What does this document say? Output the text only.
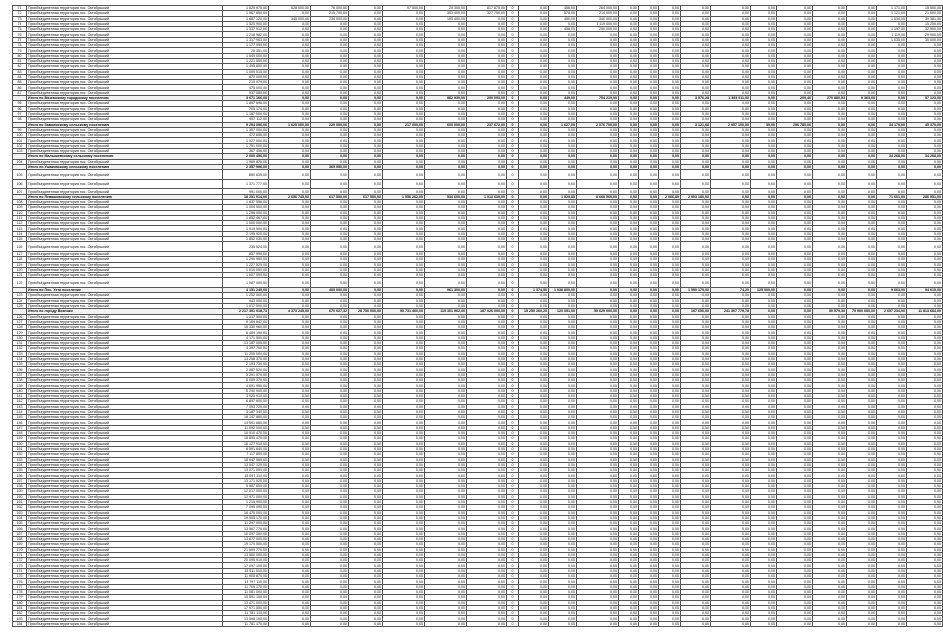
71	Приобъединенная территория пос. Октябрьский	1 829 975,00	528 000,00	76 000,00	0,00	97 500,00	20 300,00	817 675,00	0	0,00	456,00	264 000,00	0,00	0,00	0,00	0,00	0,00	0,00	0,00	0,00	0,00	1 171,00	15 500,00
72	Приобъединенная территория пос. Октябрьский	1 567 850,00	0,00	215 700,00	0,00	0,00	353 400,00	327 750,00	0	0,00	578,00	214 500,00	0,00	0,00	0,00	0,00	0,00	0,00	0,00	0,00	0,00	1 121,00	21 500,00
73	Приобъединенная территория пос. Октябрьский	1 687 120,00	345 000,00	234 000,00	0,00	0,00	190 400,00	0,00	0	0,00	450,00	340 000,00	0,00	0,00	0,00	0,00	0,00	0,00	0,00	0,00	0,00	1 034,00	39 381,00
74	Приобъединенная территория пос. Октябрьский	1 520 900,00	0,00	0,00	0,00	0,00	0,00	0,00	0	0,00	0,00	1 119 000,00	0,00	0,00	0,00	0,00	0,00	0,00	0,00	0,00	0,00	0,00	15 200,00
75	Приобъединенная территория пос. Октябрьский	1 337 912,00	0,00	0,00	0,00	0,00	0,00	0,00	0	0,00	456,00	290 000,00	0,00	0,00	0,00	0,00	0,00	0,00	0,00	0,00	0,00	1 197,00	32 500,00
76	Приобъединенная территория пос. Октябрьский	1 218 982,00	0,00	0,00	0,00	0,00	0,00	0,00	0	0,00	0,00	0,00	0,00	0,00	0,00	0,00	0,00	0,00	0,00	0,00	0,00	1 119,00	29 900,00
77	Приобъединенная территория пос. Октябрьский	1 317 963,00	0,00	0,00	0,00	0,00	0,00	0,00	0	0,00	0,00	0,00	0,00	0,00	0,00	0,00	0,00	0,00	0,00	0,00	0,00	1 035,00	30 000,00
78	Приобъединенная территория пос. Октябрьский	1 177 950,00	0,00	0,00	0,00	0,00	0,00	0,00	0	0,00	0,00	0,00	0,00	0,00	0,00	0,00	0,00	0,00	0,00	0,00	0,00	0,00	0,00
79	Приобъединенная территория пос. Октябрьский	20 351,00	0,00	0,00	0,00	0,00	0,00	0,00	0	0,00	0,00	0,00	0,00	0,00	0,00	0,00	0,00	0,00	0,00	0,00	0,00	0,00	0,00
80	Приобъединенная территория пос. Октябрьский	1 649 000,00	0,00	0,00	0,00	0,00	0,00	0,00	0	0,00	0,00	0,00	0,00	0,00	0,00	0,00	0,00	0,00	0,00	0,00	0,00	0,00	0,00
81	Приобъединенная территория пос. Октябрьский	1 221 550,00	0,00	0,00	0,00	0,00	0,00	0,00	0	0,00	0,00	0,00	0,00	0,00	0,00	0,00	0,00	0,00	0,00	0,00	0,00	0,00	0,00
82	Приобъединенная территория пос. Октябрьский	1 495 800,00	0,00	0,00	0,00	0,00	0,00	0,00	0	0,00	0,00	0,00	0,00	0,00	0,00	0,00	0,00	0,00	0,00	0,00	0,00	0,00	0,00
83	Приобъединенная территория пос. Октябрьский	1 009 515,00	0,00	0,00	0,00	0,00	0,00	0,00	0	0,00	0,00	0,00	0,00	0,00	0,00	0,00	0,00	0,00	0,00	0,00	0,00	0,00	0,00
84	Приобъединенная территория пос. Октябрьский	870 000,00	0,00	0,00	0,00	0,00	0,00	0,00	0	0,00	0,00	0,00	0,00	0,00	0,00	0,00	0,00	0,00	0,00	0,00	0,00	0,00	0,00
85	Приобъединенная территория пос. Октябрьский	215 079,00	0,00	0,00	0,00	0,00	0,00	0,00	0	0,00	0,00	0,00	0,00	0,00	0,00	0,00	0,00	0,00	0,00	0,00	0,00	0,00	0,00
86	Приобъединенная территория пос. Октябрьский	475 000,00	0,00	0,00	0,00	0,00	0,00	0,00	0	0,00	0,00	0,00	0,00	0,00	0,00	0,00	0,00	0,00	0,00	0,00	0,00	0,00	0,00
87	Приобъединенная территория пос. Октябрьский	937 080,00	0,00	0,00	0,00	0,00	0,00	0,00	0	0,00	0,00	0,00	0,00	0,00	0,00	0,00	0,00	0,00	0,00	0,00	0,00	0,00	0,00
	Итого по Вяземскому городскому поселению	3 671 166,00	0,00	0,00	0,00	0,00	882 939,00	200 093,00	0	0,00	449,00	754 219,00	0,00	0,00	0,00	3 576,28	1 393 011,00	0,00	209,40	270 880,93	9 363,00	0,00	57 123,00
95	Приобъединенная территория пос. Октябрьский	1 857 698,00	0,00	0,00	0,00	0,00	0,00	0,00	0	0,00	0,00	0,00	0,00	0,00	0,00	0,00	0,00	0,00	0,00	0,00	0,00	0,00	0,00
96	Приобъединенная территория пос. Октябрьский	705 174,00	0,00	0,00	0,00	0,00	0,00	0,00	0	0,00	0,00	0,00	0,00	0,00	0,00	0,00	0,00	0,00	0,00	0,00	0,00	0,00	0,00
97	Приобъединенная территория пос. Октябрьский	1 187 500,00	0,00	0,00	0,00	0,00	0,00	0,00	0	0,00	0,00	0,00	0,00	0,00	0,00	0,00	0,00	0,00	0,00	0,00	0,00	0,00	0,00
98	Приобъединенная территория пос. Октябрьский	957 112,00	0,00	0,00	0,00	0,00	0,00	0,00	0	0,00	0,00	0,00	0,00	0,00	0,00	0,00	0,00	0,00	0,00	0,00	0,00	0,00	0,00
	Итого по Заволжскому сельскому поселению	9 294 096,00	1 625 000,00	220 000,00	0,00	217 000,00	600 000,00	237 672,00	0	0,00	1 627,00	2 076 700,00	0,00	0,00	0,00	3 121,68	2 957 100,00	39,90	296 780,00	0,00	0,00	34 179,00	45 370,00
99	Приобъединенная территория пос. Октябрьский	1 357 000,00	0,00	0,00	0,00	0,00	0,00	0,00	0	0,00	0,00	0,00	0,00	0,00	0,00	0,00	0,00	0,00	0,00	0,00	0,00	0,00	0,00
100	Приобъединенная территория пос. Октябрьский	472 656,00	0,00	0,00	0,00	0,00	0,00	0,00	0	0,00	0,00	0,00	0,00	0,00	0,00	0,00	0,00	0,00	0,00	0,00	0,00	0,00	0,00
101	Приобъединенная территория пос. Октябрьский	1 027 000,00	0,00	0,00	0,00	0,00	0,00	0,00	0	0,00	0,00	0,00	0,00	0,00	0,00	0,00	0,00	0,00	0,00	0,00	0,00	0,00	0,00
102	Приобъединенная территория пос. Октябрьский	1 751 000,00	0,00	0,00	0,00	0,00	0,00	0,00	0	0,00	0,00	0,00	0,00	0,00	0,00	0,00	0,00	0,00	0,00	0,00	0,00	0,00	0,00
103	Приобъединенная территория пос. Октябрьский	367 456,00	0,00	0,00	0,00	0,00	0,00	0,00	0	0,00	0,00	0,00	0,00	0,00	0,00	0,00	0,00	0,00	0,00	0,00	0,00	0,00	0,00
	Итого по Малышевскому сельскому поселению	2 000 456,00	0,00	0,00	0,00	0,00	0,00	0,00	0	0,00	0,00	0,00	0,00	0,00	0,00	0,00	0,00	0,00	0,00	0,00	0,00	34 268,00	34 268,00
104	Приобъединенная территория пос. Октябрьский	1 969 870,00	0,00	0,00	0,00	0,00	0,00	0,00	0	0,00	0,00	0,00	0,00	0,00	0,00	0,00	0,00	0,00	0,00	0,00	0,00	0,00	0,00
	Итого по Ушаковскому сельскому поселению	2 357 996,00	0,00	365 950,00	0,00	0,00	0,00	0,00	0	0,00	0,00	0,00	0,00	0,00	0,00	0,00	0,00	0,00	0,00	0,00	0,00	0,00	0,00
105	Приобъединенная территория пос. Октябрьский	850 635,00	0,00	0,00	0,00	0,00	0,00	0,00	0	0,00	0,00	0,00	0,00	0,00	0,00	0,00	0,00	0,00	0,00	0,00	0,00	0,00	0,00
106	Приобъединенная территория пос. Октябрьский	1 371 777,00	0,00	0,00	0,00	0,00	0,00	0,00	0	0,00	0,00	0,00	0,00	0,00	0,00	0,00	0,00	0,00	0,00	0,00	0,00	0,00	0,00
107	Приобъединенная территория пос. Октябрьский	991 000,00	0,00	0,00	0,00	0,00	0,00	0,00	0	0,00	0,00	0,00	0,00	0,00	0,00	0,00	0,00	0,00	0,00	0,00	0,00	0,00	0,00
	Итого по Левашовскому сельскому поселению	18 251 914,00	2 656 745,00	617 500,00	617 500,00	1 556 262,00	534 600,00	1 013 639,00	0	0,00	1 529,85	8 668 569,00	0,00	0,00	2 066,89	2 903 180,00	0,00	0,00	0,00	0,00	0,00	71 601,00	286 951,00
108	Приобъединенная территория пос. Октябрьский	1 637 556,00	0,00	0,00	0,00	0,00	0,00	0,00	0	0,00	0,00	0,00	0,00	0,00	0,00	0,00	0,00	0,00	0,00	0,00	0,00	0,00	0,00
109	Приобъединенная территория пос. Октябрьский	1 004 500,00	0,00	0,00	0,00	0,00	0,00	0,00	0	0,00	0,00	0,00	0,00	0,00	0,00	0,00	0,00	0,00	0,00	0,00	0,00	0,00	0,00
110	Приобъединенная территория пос. Октябрьский	1 296 000,00	0,00	0,00	0,00	0,00	0,00	0,00	0	0,00	0,00	0,00	0,00	0,00	0,00	0,00	0,00	0,00	0,00	0,00	0,00	0,00	0,00
111	Приобъединенная территория пос. Октябрьский	1 852 467,00	0,00	0,00	0,00	0,00	0,00	0,00	0	0,00	0,00	0,00	0,00	0,00	0,00	0,00	0,00	0,00	0,00	0,00	0,00	0,00	0,00
112	Приобъединенная территория пос. Октябрьский	1 000 000,00	0,00	0,00	0,00	0,00	0,00	0,00	0	0,00	0,00	0,00	0,00	0,00	0,00	0,00	0,00	0,00	0,00	0,00	0,00	0,00	0,00
113	Приобъединенная территория пос. Октябрьский	1 919 500,00	0,00	0,00	0,00	0,00	0,00	0,00	0	0,00	0,00	0,00	0,00	0,00	0,00	0,00	0,00	0,00	0,00	0,00	0,00	0,00	0,00
114	Приобъединенная территория пос. Октябрьский	2 195 920,00	0,00	0,00	0,00	0,00	0,00	0,00	0	0,00	0,00	0,00	0,00	0,00	0,00	0,00	0,00	0,00	0,00	0,00	0,00	0,00	0,00
115	Приобъединенная территория пос. Октябрьский	1 852 030,00	0,00	0,00	0,00	0,00	0,00	0,00	0	0,00	0,00	0,00	0,00	0,00	0,00	0,00	0,00	0,00	0,00	0,00	0,00	0,00	0,00
116	Приобъединенная территория пос. Октябрьский	235 524,00	0,00	0,00	0,00	0,00	0,00	0,00	0	0,00	0,00	0,00	0,00	0,00	0,00	0,00	0,00	0,00	0,00	0,00	0,00	0,00	0,00
117	Приобъединенная территория пос. Октябрьский	857 990,00	0,00	0,00	0,00	0,00	0,00	0,00	0	0,00	0,00	0,00	0,00	0,00	0,00	0,00	0,00	0,00	0,00	0,00	0,00	0,00	0,00
118	Приобъединенная территория пос. Октябрьский	1 290 950,00	0,00	0,00	0,00	0,00	0,00	0,00	0	0,00	0,00	0,00	0,00	0,00	0,00	0,00	0,00	0,00	0,00	0,00	0,00	0,00	0,00
119	Приобъединенная территория пос. Октябрьский	1 227 525,00	0,00	0,00	0,00	0,00	0,00	0,00	0	0,00	0,00	0,00	0,00	0,00	0,00	0,00	0,00	0,00	0,00	0,00	0,00	0,00	0,00
120	Приобъединенная территория пос. Октябрьский	1 010 000,00	0,00	0,00	0,00	0,00	0,00	0,00	0	0,00	0,00	0,00	0,00	0,00	0,00	0,00	0,00	0,00	0,00	0,00	0,00	0,00	0,00
121	Приобъединенная территория пос. Октябрьский	1 007 090,00	0,00	0,00	0,00	0,00	0,00	0,00	0	0,00	0,00	0,00	0,00	0,00	0,00	0,00	0,00	0,00	0,00	0,00	0,00	0,00	0,00
122	Приобъединенная территория пос. Октябрьский	1 087 000,00	0,00	0,00	0,00	0,00	0,00	0,00	0	0,00	0,00	0,00	0,00	0,00	0,00	0,00	0,00	0,00	0,00	0,00	0,00	0,00	0,00
	Итого по Пос. Ухта поселение	4 151 245,00	0,00	400 000,00	0,00	0,00	961 300,00	0,00	0	1 374,50	1 038 800,00	0,00	0,00	0,00	0,00	1 590 175,00	74,20	125 000,00	0,00	0,00	0,00	9 663,00	94 615,00
123	Приобъединенная территория пос. Октябрьский	1 252 500,00	0,00	0,00	0,00	0,00	0,00	0,00	0	0,00	0,00	0,00	0,00	0,00	0,00	0,00	0,00	0,00	0,00	0,00	0,00	0,00	0,00
124	Приобъединенная территория пос. Октябрьский	943 000,00	0,00	0,00	0,00	0,00	0,00	0,00	0	0,00	0,00	0,00	0,00	0,00	0,00	0,00	0,00	0,00	0,00	0,00	0,00	0,00	0,00
125	Приобъединенная территория пос. Октябрьский	1 017 500,00	0,00	0,00	0,00	0,00	0,00	0,00	0	0,00	0,00	0,00	0,00	0,00	0,00	0,00	0,00	0,00	0,00	0,00	0,00	0,00	0,00
	Итого по городу Вязники	2 217 391 018,73	4 373 245,00	670 027,32	28 750 000,00	95 731 460,00	115 301 962,00	187 026 000,00	0	15 250 260,25	120 051,00	55 629 000,00	0,00	0,00	0,00	167 650,00	241 307 779,78	0,00	0,00	50 579,30	79 900 000,00	2 657 234,00	11 813 684,00
126	Приобъединенная территория пос. Октябрьский	1 317 500,00	0,00	0,00	0,00	0,00	0,00	0,00	0	0,00	0,00	0,00	0,00	0,00	0,00	0,00	0,00	0,00	0,00	0,00	0,00	0,00	0,00
127	Приобъединенная территория пос. Октябрьский	9 169 842,00	0,00	0,00	0,00	0,00	0,00	0,00	0	0,00	0,00	0,00	0,00	0,00	0,00	0,00	0,00	0,00	0,00	0,00	0,00	0,00	0,00
128	Приобъединенная территория пос. Октябрьский	15 330 960,00	0,00	0,00	0,00	0,00	0,00	0,00	0	0,00	0,00	0,00	0,00	0,00	0,00	0,00	0,00	0,00	0,00	0,00	0,00	0,00	0,00
129	Приобъединенная территория пос. Октябрьский	6 409 190,00	0,00	0,00	0,00	0,00	0,00	0,00	0	0,00	0,00	0,00	0,00	0,00	0,00	0,00	0,00	0,00	0,00	0,00	0,00	0,00	0,00
130	Приобъединенная территория пос. Октябрьский	4 171 500,00	0,00	0,00	0,00	0,00	0,00	0,00	0	0,00	0,00	0,00	0,00	0,00	0,00	0,00	0,00	0,00	0,00	0,00	0,00	0,00	0,00
131	Приобъединенная территория пос. Октябрьский	13 187 005,00	0,00	0,00	0,00	0,00	0,00	0,00	0	0,00	0,00	0,00	0,00	0,00	0,00	0,00	0,00	0,00	0,00	0,00	0,00	0,00	0,00
132	Приобъединенная территория пос. Октябрьский	4 397 700,00	0,00	0,00	0,00	0,00	0,00	0,00	0	0,00	0,00	0,00	0,00	0,00	0,00	0,00	0,00	0,00	0,00	0,00	0,00	0,00	0,00
133	Приобъединенная территория пос. Октябрьский	11 205 000,00	0,00	0,00	0,00	0,00	0,00	0,00	0	0,00	0,00	0,00	0,00	0,00	0,00	0,00	0,00	0,00	0,00	0,00	0,00	0,00	0,00
134	Приобъединенная территория пос. Октябрьский	13 258 370,00	0,00	0,00	0,00	0,00	0,00	0,00	0	0,00	0,00	0,00	0,00	0,00	0,00	0,00	0,00	0,00	0,00	0,00	0,00	0,00	0,00
135	Приобъединенная территория пос. Октябрьский	2 193 730,00	0,00	0,00	0,00	0,00	0,00	0,00	0	0,00	0,00	0,00	0,00	0,00	0,00	0,00	0,00	0,00	0,00	0,00	0,00	0,00	0,00
136	Приобъединенная территория пос. Октябрьский	2 587 520,00	0,00	0,00	0,00	0,00	0,00	0,00	0	0,00	0,00	0,00	0,00	0,00	0,00	0,00	0,00	0,00	0,00	0,00	0,00	0,00	0,00
137	Приобъединенная территория пос. Октябрьский	5 291 570,00	0,00	0,00	0,00	0,00	0,00	0,00	0	0,00	0,00	0,00	0,00	0,00	0,00	0,00	0,00	0,00	0,00	0,00	0,00	0,00	0,00
138	Приобъединенная территория пос. Октябрьский	5 009 370,00	0,00	0,00	0,00	0,00	0,00	0,00	0	0,00	0,00	0,00	0,00	0,00	0,00	0,00	0,00	0,00	0,00	0,00	0,00	0,00	0,00
139	Приобъединенная территория пос. Октябрьский	4 091 950,00	0,00	0,00	0,00	0,00	0,00	0,00	0	0,00	0,00	0,00	0,00	0,00	0,00	0,00	0,00	0,00	0,00	0,00	0,00	0,00	0,00
140	Приобъединенная территория пос. Октябрьский	5 290 900,00	0,00	0,00	0,00	0,00	0,00	0,00	0	0,00	0,00	0,00	0,00	0,00	0,00	0,00	0,00	0,00	0,00	0,00	0,00	0,00	0,00
141	Приобъединенная территория пос. Октябрьский	3 925 910,00	0,00	0,00	0,00	0,00	0,00	0,00	0	0,00	0,00	0,00	0,00	0,00	0,00	0,00	0,00	0,00	0,00	0,00	0,00	0,00	0,00
142	Приобъединенная территория пос. Октябрьский	6 897 600,00	0,00	0,00	0,00	0,00	0,00	0,00	0	0,00	0,00	0,00	0,00	0,00	0,00	0,00	0,00	0,00	0,00	0,00	0,00	0,00	0,00
143	Приобъединенная территория пос. Октябрьский	7 093 720,00	0,00	0,00	0,00	0,00	0,00	0,00	0	0,00	0,00	0,00	0,00	0,00	0,00	0,00	0,00	0,00	0,00	0,00	0,00	0,00	0,00
144	Приобъединенная территория пос. Октябрьский	3 187 340,00	0,00	0,00	0,00	0,00	0,00	0,00	0	0,00	0,00	0,00	0,00	0,00	0,00	0,00	0,00	0,00	0,00	0,00	0,00	0,00	0,00
145	Приобъединенная территория пос. Октябрьский	18 147 860,00	0,00	0,00	0,00	0,00	0,00	0,00	0	0,00	0,00	0,00	0,00	0,00	0,00	0,00	0,00	0,00	0,00	0,00	0,00	0,00	0,00
146	Приобъединенная территория пос. Октябрьский	13 591 660,00	0,00	0,00	0,00	0,00	0,00	0,00	0	0,00	0,00	0,00	0,00	0,00	0,00	0,00	0,00	0,00	0,00	0,00	0,00	0,00	0,00
147	Приобъединенная территория пос. Октябрьский	11 092 000,00	0,00	0,00	0,00	0,00	0,00	0,00	0	0,00	0,00	0,00	0,00	0,00	0,00	0,00	0,00	0,00	0,00	0,00	0,00	0,00	0,00
148	Приобъединенная территория пос. Октябрьский	10 910 470,00	0,00	0,00	0,00	0,00	0,00	0,00	0	0,00	0,00	0,00	0,00	0,00	0,00	0,00	0,00	0,00	0,00	0,00	0,00	0,00	0,00
149	Приобъединенная территория пос. Октябрьский	15 895 470,00	0,00	0,00	0,00	0,00	0,00	0,00	0	0,00	0,00	0,00	0,00	0,00	0,00	0,00	0,00	0,00	0,00	0,00	0,00	0,00	0,00
150	Приобъединенная территория пос. Октябрьский	16 127 910,00	0,00	0,00	0,00	0,00	0,00	0,00	0	0,00	0,00	0,00	0,00	0,00	0,00	0,00	0,00	0,00	0,00	0,00	0,00	0,00	0,00
151	Приобъединенная территория пос. Октябрьский	8 591 640,00	0,00	0,00	0,00	0,00	0,00	0,00	0	0,00	0,00	0,00	0,00	0,00	0,00	0,00	0,00	0,00	0,00	0,00	0,00	0,00	0,00
152	Приобъединенная территория пос. Октябрьский	7 117 800,00	0,00	0,00	0,00	0,00	0,00	0,00	0	0,00	0,00	0,00	0,00	0,00	0,00	0,00	0,00	0,00	0,00	0,00	0,00	0,00	0,00
153	Приобъединенная территория пос. Октябрьский	18 947 560,00	0,00	0,00	0,00	0,00	0,00	0,00	0	0,00	0,00	0,00	0,00	0,00	0,00	0,00	0,00	0,00	0,00	0,00	0,00	0,00	0,00
154	Приобъединенная территория пос. Октябрьский	13 547 120,00	0,00	0,00	0,00	0,00	0,00	0,00	0	0,00	0,00	0,00	0,00	0,00	0,00	0,00	0,00	0,00	0,00	0,00	0,00	0,00	0,00
155	Приобъединенная территория пос. Октябрьский	13 071 000,00	0,00	0,00	0,00	0,00	0,00	0,00	0	0,00	0,00	0,00	0,00	0,00	0,00	0,00	0,00	0,00	0,00	0,00	0,00	0,00	0,00
156	Приобъединенная территория пос. Октябрьский	15 097 110,00	0,00	0,00	0,00	0,00	0,00	0,00	0	0,00	0,00	0,00	0,00	0,00	0,00	0,00	0,00	0,00	0,00	0,00	0,00	0,00	0,00
157	Приобъединенная территория пос. Октябрьский	13 171 020,00	0,00	0,00	0,00	0,00	0,00	0,00	0	0,00	0,00	0,00	0,00	0,00	0,00	0,00	0,00	0,00	0,00	0,00	0,00	0,00	0,00
158	Приобъединенная территория пос. Октябрьский	5 987 600,00	0,00	0,00	0,00	0,00	0,00	0,00	0	0,00	0,00	0,00	0,00	0,00	0,00	0,00	0,00	0,00	0,00	0,00	0,00	0,00	0,00
159	Приобъединенная территория пос. Октябрьский	12 017 000,00	0,00	0,00	0,00	0,00	0,00	0,00	0	0,00	0,00	0,00	0,00	0,00	0,00	0,00	0,00	0,00	0,00	0,00	0,00	0,00	0,00
160	Приобъединенная территория пос. Октябрьский	12 971 000,00	0,00	0,00	0,00	0,00	0,00	0,00	0	0,00	0,00	0,00	0,00	0,00	0,00	0,00	0,00	0,00	0,00	0,00	0,00	0,00	0,00
161	Приобъединенная территория пос. Октябрьский	1 215 900,00	0,00	0,00	0,00	0,00	0,00	0,00	0	0,00	0,00	0,00	0,00	0,00	0,00	0,00	0,00	0,00	0,00	0,00	0,00	0,00	0,00
162	Приобъединенная территория пос. Октябрьский	7 095 090,00	0,00	0,00	0,00	0,00	0,00	0,00	0	0,00	0,00	0,00	0,00	0,00	0,00	0,00	0,00	0,00	0,00	0,00	0,00	0,00	0,00
163	Приобъединенная территория пос. Октябрьский	18 475 000,00	0,00	0,00	0,00	0,00	0,00	0,00	0	0,00	0,00	0,00	0,00	0,00	0,00	0,00	0,00	0,00	0,00	0,00	0,00	0,00	0,00
164	Приобъединенная территория пос. Октябрьский	19 905 170,00	0,00	0,00	0,00	0,00	0,00	0,00	0	0,00	0,00	0,00	0,00	0,00	0,00	0,00	0,00	0,00	0,00	0,00	0,00	0,00	0,00
165	Приобъединенная территория пос. Октябрьский	11 297 000,00	0,00	0,00	0,00	0,00	0,00	0,00	0	0,00	0,00	0,00	0,00	0,00	0,00	0,00	0,00	0,00	0,00	0,00	0,00	0,00	0,00
166	Приобъединенная территория пос. Октябрьский	13 567 770,00	0,00	0,00	0,00	0,00	0,00	0,00	0	0,00	0,00	0,00	0,00	0,00	0,00	0,00	0,00	0,00	0,00	0,00	0,00	0,00	0,00
167	Приобъединенная территория пос. Октябрьский	10 097 300,00	0,00	0,00	0,00	0,00	0,00	0,00	0	0,00	0,00	0,00	0,00	0,00	0,00	0,00	0,00	0,00	0,00	0,00	0,00	0,00	0,00
168	Приобъединенная территория пос. Октябрьский	13 877 000,00	0,00	0,00	0,00	0,00	0,00	0,00	0	0,00	0,00	0,00	0,00	0,00	0,00	0,00	0,00	0,00	0,00	0,00	0,00	0,00	0,00
169	Приобъединенная территория пос. Октябрьский	19 170 500,00	0,00	0,00	0,00	0,00	0,00	0,00	0	0,00	0,00	0,00	0,00	0,00	0,00	0,00	0,00	0,00	0,00	0,00	0,00	0,00	0,00
170	Приобъединенная территория пос. Октябрьский	21 509 770,00	0,00	0,00	0,00	0,00	0,00	0,00	0	0,00	0,00	0,00	0,00	0,00	0,00	0,00	0,00	0,00	0,00	0,00	0,00	0,00	0,00
171	Приобъединенная территория пос. Октябрьский	13 500 000,00	0,00	0,00	0,00	0,00	0,00	0,00	0	0,00	0,00	0,00	0,00	0,00	0,00	0,00	0,00	0,00	0,00	0,00	0,00	0,00	0,00
172	Приобъединенная территория пос. Октябрьский	20 095 910,00	0,00	0,00	0,00	0,00	0,00	0,00	0	0,00	0,00	0,00	0,00	0,00	0,00	0,00	0,00	0,00	0,00	0,00	0,00	0,00	0,00
173	Приобъединенная территория пос. Октябрьский	17 097 100,00	0,00	0,00	0,00	0,00	0,00	0,00	0	0,00	0,00	0,00	0,00	0,00	0,00	0,00	0,00	0,00	0,00	0,00	0,00	0,00	0,00
174	Приобъединенная территория пос. Октябрьский	15 511 510,00	0,00	0,00	0,00	0,00	0,00	0,00	0	0,00	0,00	0,00	0,00	0,00	0,00	0,00	0,00	0,00	0,00	0,00	0,00	0,00	0,00
175	Приобъединенная территория пос. Октябрьский	11 905 870,00	0,00	0,00	0,00	0,00	0,00	0,00	0	0,00	0,00	0,00	0,00	0,00	0,00	0,00	0,00	0,00	0,00	0,00	0,00	0,00	0,00
176	Приобъединенная территория пос. Октябрьский	13 797 110,00	0,00	0,00	0,00	0,00	0,00	0,00	0	0,00	0,00	0,00	0,00	0,00	0,00	0,00	0,00	0,00	0,00	0,00	0,00	0,00	0,00
177	Приобъединенная территория пос. Октябрьский	11 709 170,00	0,00	0,00	0,00	0,00	0,00	0,00	0	0,00	0,00	0,00	0,00	0,00	0,00	0,00	0,00	0,00	0,00	0,00	0,00	0,00	0,00
178	Приобъединенная территория пос. Октябрьский	11 081 000,00	0,00	0,00	0,00	0,00	0,00	0,00	0	0,00	0,00	0,00	0,00	0,00	0,00	0,00	0,00	0,00	0,00	0,00	0,00	0,00	0,00
179	Приобъединенная территория пос. Октябрьский	15 591 100,00	0,00	0,00	0,00	0,00	0,00	0,00	0	0,00	0,00	0,00	0,00	0,00	0,00	0,00	0,00	0,00	0,00	0,00	0,00	0,00	0,00
180	Приобъединенная территория пос. Октябрьский	13 471 000,00	0,00	0,00	0,00	0,00	0,00	0,00	0	0,00	0,00	0,00	0,00	0,00	0,00	0,00	0,00	0,00	0,00	0,00	0,00	0,00	0,00
181	Приобъединенная территория пос. Октябрьский	17 971 550,00	0,00	0,00	0,00	0,00	0,00	0,00	0	0,00	0,00	0,00	0,00	0,00	0,00	0,00	0,00	0,00	0,00	0,00	0,00	0,00	0,00
182	Приобъединенная территория пос. Октябрьский	11 781 110,00	0,00	0,00	0,00	0,00	0,00	0,00	0	0,00	0,00	0,00	0,00	0,00	0,00	0,00	0,00	0,00	0,00	0,00	0,00	0,00	0,00
183	Приобъединенная территория пос. Октябрьский	13 598 190,00	0,00	0,00	0,00	0,00	0,00	0,00	0	0,00	0,00	0,00	0,00	0,00	0,00	0,00	0,00	0,00	0,00	0,00	0,00	0,00	0,00
184	Приобъединенная территория пос. Октябрьский	11 781 170,00	0,00	0,00	0,00	0,00	0,00	0,00	0	0,00	0,00	0,00	0,00	0,00	0,00	0,00	0,00	0,00	0,00	0,00	0,00	0,00	0,00
